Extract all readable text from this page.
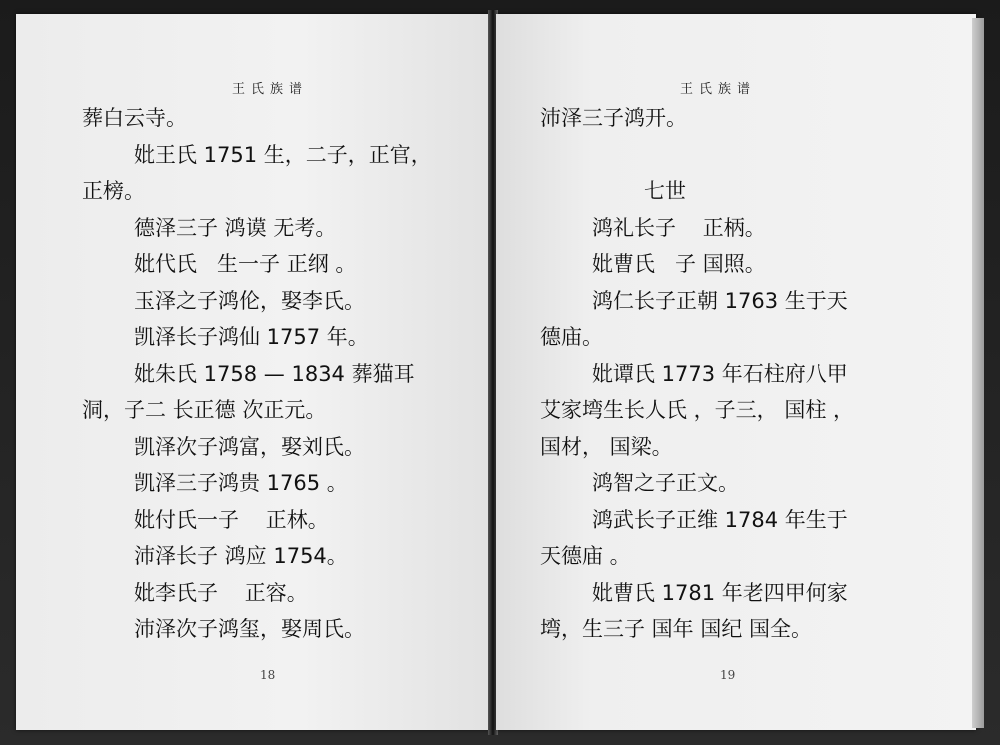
王氏族谱
葬白云寺。
妣王氏 1751 生，二子，正官，
正榜。
德泽三子 鸿谟 无考。
妣代氏   生一子 正纲 。
玉泽之子鸿伦，娶李氏。
凯泽长子鸿仙 1757 年。
妣朱氏 1758 — 1834 葬猫耳
洞，子二 长正德 次正元。
凯泽次子鸿富，娶刘氏。
凯泽三子鸿贵 1765 。
妣付氏一子    正林。
沛泽长子 鸿应 1754。
妣李氏子    正容。
沛泽次子鸿玺，娶周氏。
18
王氏族谱
沛泽三子鸿开。
七世
鸿礼长子    正柄。
妣曹氏   子 国照。
鸿仁长子正朝 1763 生于天
德庙。
妣谭氏 1773 年石柱府八甲
艾家塆生长人氏 ，子三， 国柱 ，
国材， 国梁。
鸿智之子正文。
鸿武长子正维 1784 年生于
天德庙 。
妣曹氏 1781 年老四甲何家
塆，生三子 国年 国纪 国全。
19
